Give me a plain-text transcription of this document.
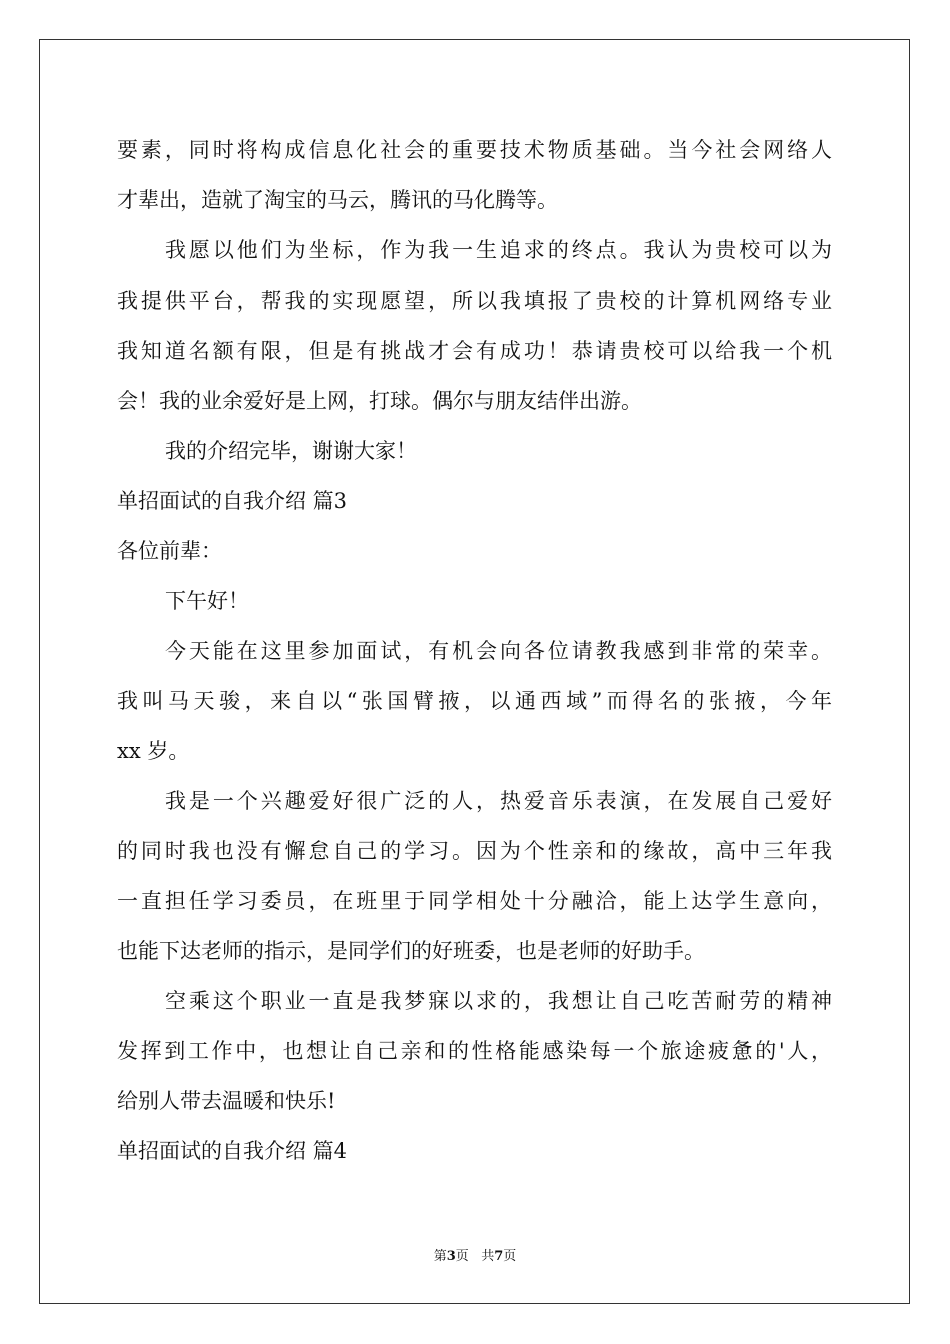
要素，同时将构成信息化社会的重要技术物质基础。当今社会网络人
才辈出，造就了淘宝的马云，腾讯的马化腾等。
我愿以他们为坐标，作为我一生追求的终点。我认为贵校可以为
我提供平台，帮我的实现愿望，所以我填报了贵校的计算机网络专业
我知道名额有限，但是有挑战才会有成功！恭请贵校可以给我一个机
会！我的业余爱好是上网，打球。偶尔与朋友结伴出游。
我的介绍完毕，谢谢大家！
单招面试的自我介绍 篇3
各位前辈：
下午好！
今天能在这里参加面试，有机会向各位请教我感到非常的荣幸。
我叫马天骏，来自以“张国臂掖，以通西域”而得名的张掖，今年
xx 岁。
我是一个兴趣爱好很广泛的人，热爱音乐表演，在发展自己爱好
的同时我也没有懈怠自己的学习。因为个性亲和的缘故，高中三年我
一直担任学习委员，在班里于同学相处十分融洽，能上达学生意向，
也能下达老师的指示，是同学们的好班委，也是老师的好助手。
空乘这个职业一直是我梦寐以求的，我想让自己吃苦耐劳的精神
发挥到工作中，也想让自己亲和的性格能感染每一个旅途疲惫的'人，
给别人带去温暖和快乐!
单招面试的自我介绍 篇4
第3页   共7页
